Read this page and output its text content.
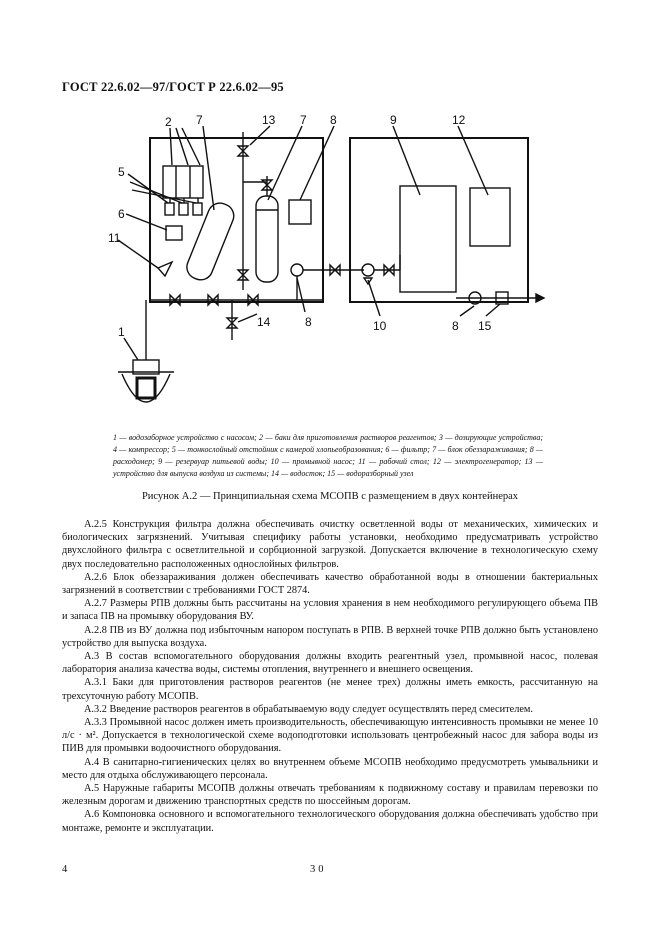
ГОСТ 22.6.02—97/ГОСТ Р 22.6.02—95
2
5
6
11
7	13 7 8	9	12
8
14	10	8 15
1
1 — водозаборное устройство с насосом; 2 — баки для приготовления растворов реагентов; 3 — дозирующие устройства; 4 — компрессор; 5 — тонкослойный отстойник с камерой хлопьеобразования; 6 — фильтр; 7 — блок обеззараживания; 8 — расходомер; 9 — резервуар питьевой воды; 10 — промывной насос; 11 — рабочий стол; 12 — электрогенератор; 13 — устройство для выпуска воздуха из системы; 14 — водосток; 15 — водоразборный узел
Рисунок А.2 — Принципиальная схема МСОПВ с размещением в двух контейнерах

А.2.5 Конструкция фильтра должна обеспечивать очистку осветленной воды от механических, химических и биологических загрязнений. Учитывая специфику работы установки, необходимо предусматривать устройство двухслойного фильтра с осветлительной и сорбционной загрузкой. Допускается включение в технологическую схему двух последовательно расположенных однослойных фильтров.

А.2.6 Блок обеззараживания должен обеспечивать качество обработанной воды в отношении бактериальных загрязнений в соответствии с требованиями ГОСТ 2874.

А.2.7 Размеры РПВ должны быть рассчитаны на условия хранения в нем необходимого регулирующего объема ПВ и запаса ПВ на промывку оборудования ВУ.

А.2.8 ПВ из ВУ должна под избыточным напором поступать в РПВ. В верхней точке РПВ должно быть установлено устройство для выпуска воздуха.

А.3 В состав вспомогательного оборудования должны входить реагентный узел, промывной насос, полевая лаборатория анализа качества воды, системы отопления, внутреннего и внешнего освещения.

А.3.1 Баки для приготовления растворов реагентов (не менее трех) должны иметь емкость, рассчитанную на трехсуточную работу МСОПВ.

А.3.2 Введение растворов реагентов в обрабатываемую воду следует осуществлять перед смесителем.

А.3.3 Промывной насос должен иметь производительность, обеспечивающую интенсивность промывки не менее 10 л/с · м². Допускается в технологической схеме водоподготовки использовать центробежный насос для забора воды из ПИВ для промывки водоочистного оборудования.

А.4 В санитарно-гигиенических целях во внутреннем объеме МСОПВ необходимо предусмотреть умывальники и место для отдыха обслуживающего персонала.

А.5 Наружные габариты МСОПВ должны отвечать требованиям к подвижному составу и правилам перевозки по железным дорогам и движению транспортных средств по шоссейным дорогам.

А.6 Компоновка основного и вспомогательного технологического оборудования должна обеспечивать удобство при монтаже, ремонте и эксплуатации.

4	30
